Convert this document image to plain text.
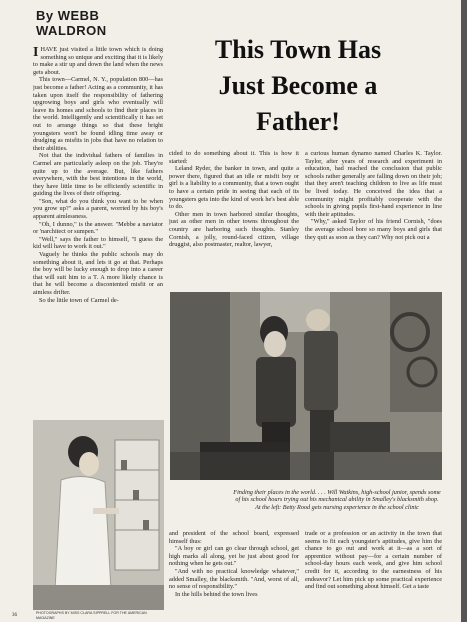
By WEBB
WALDRON
This Town Has
Just Become a
Father!

IHAVE just visited a little town which is doing something so unique and exciting that it is likely to make a stir up and down the land when the news gets about.

This town—Carmel, N. Y., population 800—has just become a father! Acting as a community, it has taken upon itself the responsibility of fathering upgrowing boys and girls who eventually will leave its homes and schools to find their places in the world. Intelligently and scientifically it has set out to arrange things so that these bright youngsters won't be found idling time away or drudging as misfits in jobs that have no relation to their abilities.

Not that the individual fathers of families in Carmel are particularly asleep on the job. They're quite up to the average. But, like fathers everywhere, with the best intentions in the world, they have little time to be efficiently scientific in guiding the lives of their offspring.

"Son, what do you think you want to be when you grow up?" asks a parent, worried by his boy's apparent aimlessness.

"Oh, I dunno," is the answer. "Mebbe a naviator or 'narchitect or sumpen."

"Well," says the father to himself, "I guess the kid will have to work it out."

Vaguely he thinks the public schools may do something about it, and lets it go at that. Perhaps the boy will be lucky enough to drop into a career that will suit him to a T. A more likely chance is that he will become a discontented misfit or an aimless drifter.

So the little town of Carmel de-

cided to do something about it. This is how it started:

Leland Ryder, the banker in town, and quite a power there, figured that an idle or misfit boy or girl is a liability to a community, that a town ought to have a certain pride in seeing that each of its youngsters gets into the kind of work he's best able to do.

Other men in town harbored similar thoughts, just as other men in other towns throughout the country are harboring such thoughts. Stanley Cornish, a jolly, round-faced citizen, village druggist, also postmaster, realtor, lawyer,

a curious human dynamo named Charles K. Taylor. Taylor, after years of research and experiment in education, had reached the conclusion that public schools rather generally are falling down on their job; that they aren't teaching children to live as life must be lived today. He conceived the idea that a community might profitably cooperate with the schools in giving pupils first-hand experience in line with their aptitudes.

"Why," asked Taylor of his friend Cornish, "does the average school bore so many boys and girls that they quit as soon as they can? Why not pick out a

Finding their places in the world. . . . Will Watkins, high-school junior, spends some of his school hours trying out his mechanical ability in Smalley's blacksmith shop. At the left: Betty Rood gets nursing experience in the school clinic
PHOTOGRAPHS BY MISS CLARA SIPPRELL FOR THE AMERICAN MAGAZINE
36

and president of the school board, expressed himself thus:

"A boy or girl can go clear through school, get high marks all along, yet be just about good for nothing when he gets out."

"And with no practical knowledge whatever," added Smalley, the blacksmith. "And, worst of all, no sense of responsibility."

In the hills behind the town lives

trade or a profession or an activity in the town that seems to fit each youngster's aptitudes, give him the chance to go out and work at it—as a sort of apprentice without pay—for a certain number of school-day hours each week, and give him school credit for it, according to the earnestness of his endeavor? Let him pick up some practical experience and find out something about himself. Get a taste
